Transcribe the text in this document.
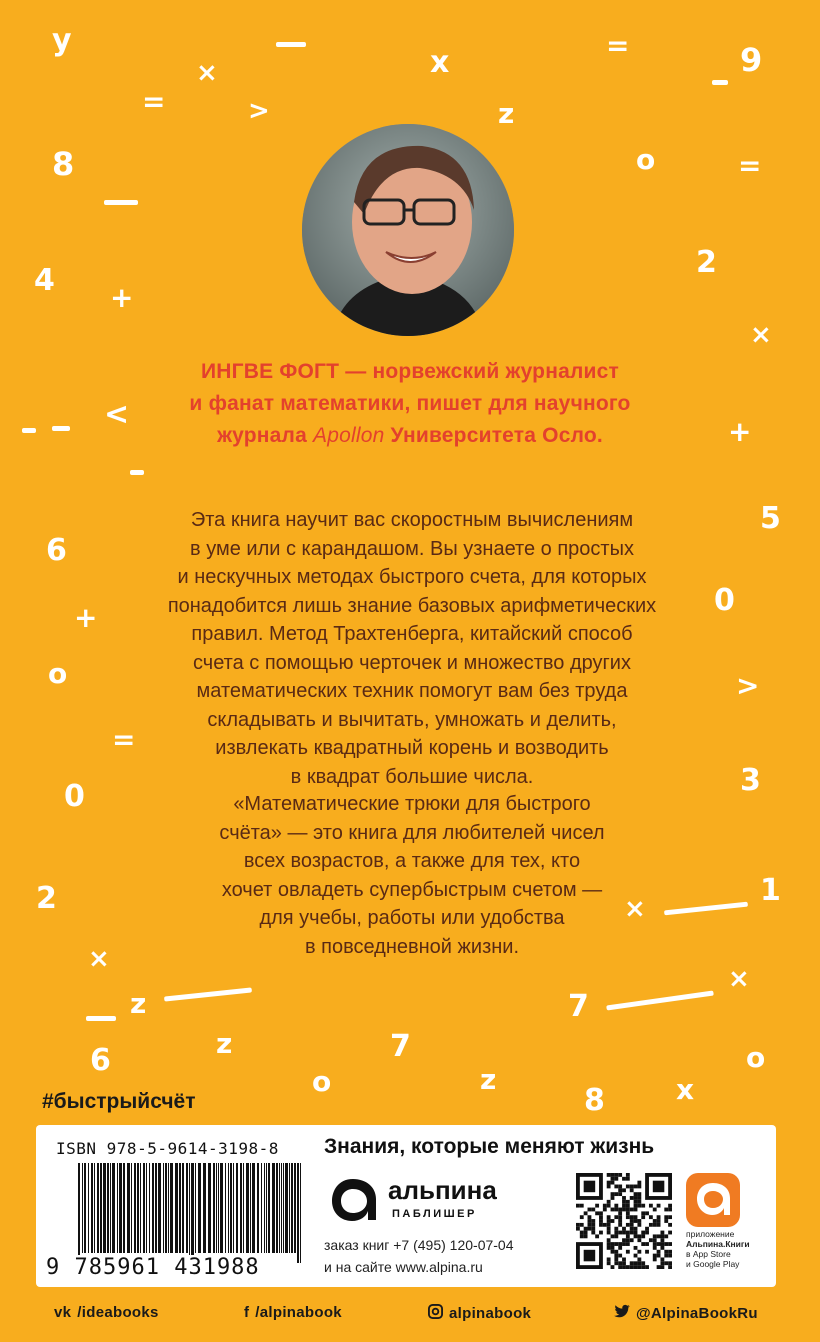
y
×
=	>
x
z
=	9
8	o	=
4 +
2
×
<	+
5
6
0
+
o	>
=
0	3
2	1
×
×
×
z	7
6	z	7
o	z
8	x
o
ИНГВЕ ФОГТ — норвежский журналист
и фанат математики, пишет для научного
журнала Apollon Университета Осло.
Эта книга научит вас скоростным вычислениям
в уме или с карандашом. Вы узнаете о простых
и нескучных методах быстрого счета, для которых
понадобится лишь знание базовых арифметических
правил. Метод Трахтенберга, китайский способ
счета с помощью черточек и множество других
математических техник помогут вам без труда
складывать и вычитать, умножать и делить,
извлекать квадратный корень и возводить
в квадрат большие числа.
«Математические трюки для быстрого
счёта» — это книга для любителей чисел
всех возрастов, а также для тех, кто
хочет овладеть супербыстрым счетом —
для учебы, работы или удобства
в повседневной жизни.
#быстрыйсчёт
ISBN 978-5-9614-3198-8
9 785961 431988
Знания, которые меняют жизнь
альпина
ПАБЛИШЕР
заказ книг +7 (495) 120-07-04
и на сайте www.alpina.ru
приложение
Альпина.Книги
в App Store
и Google Play
vk /ideabooks	f /alpinabook	alpinabook	@AlpinaBookRu
